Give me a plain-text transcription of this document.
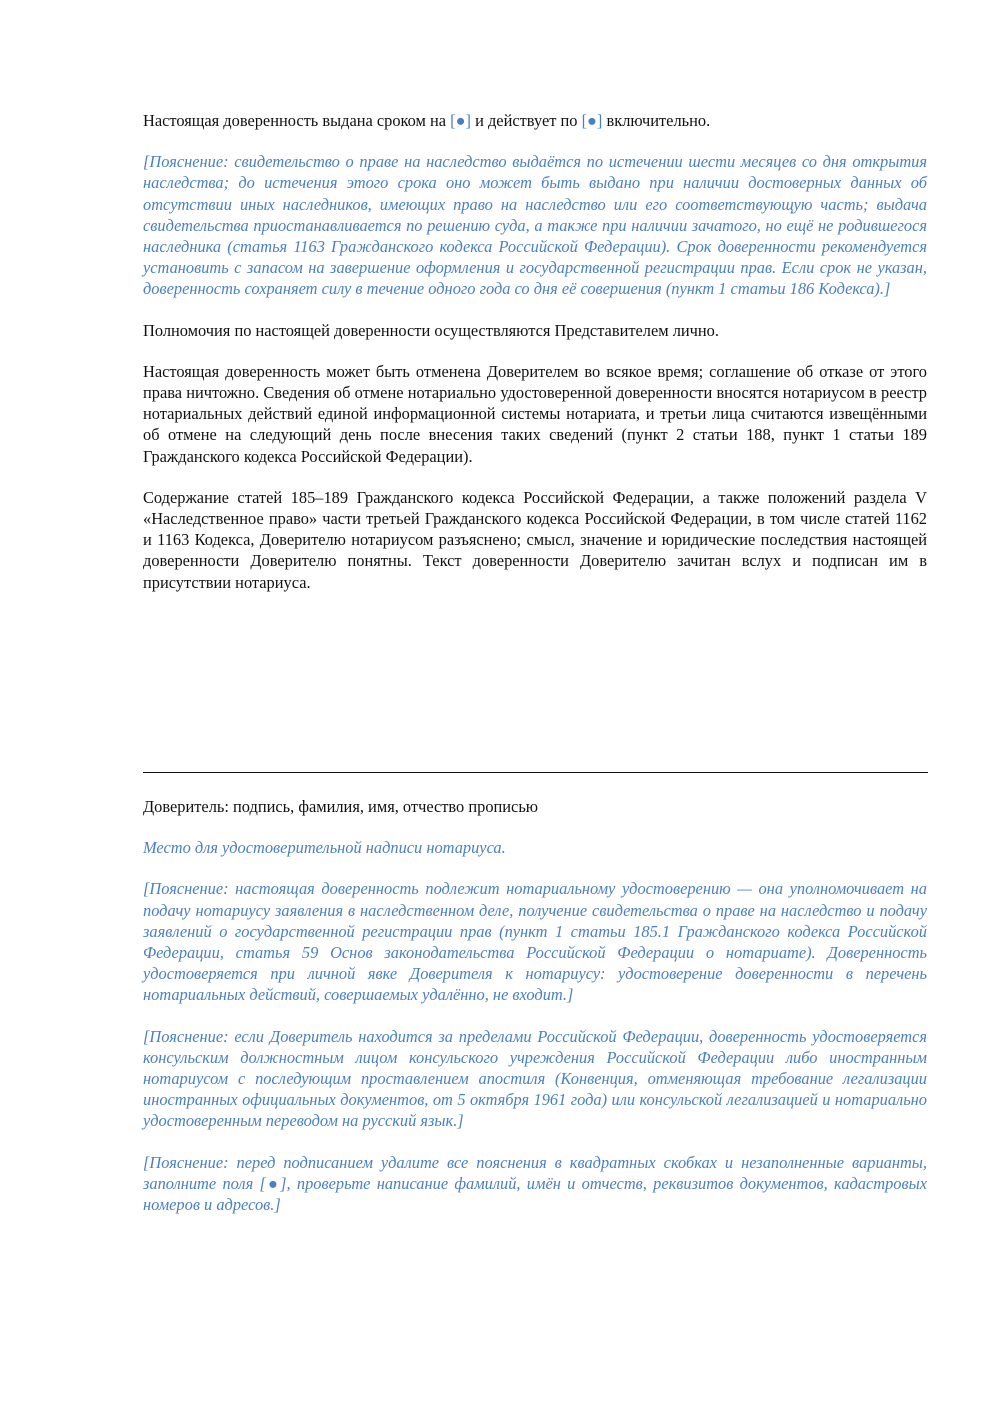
Настоящая доверенность выдана сроком на [●] и действует по [●] включительно.

[Пояснение: свидетельство о праве на наследство выдаётся по истечении шести месяцев со дня открытия наследства; до истечения этого срока оно может быть выдано при наличии достоверных данных об отсутствии иных наследников, имеющих право на наследство или его соответствующую часть; выдача свидетельства приостанавливается по решению суда, а также при наличии зачатого, но ещё не родившегося наследника (статья 1163 Гражданского кодекса Российской Федерации). Срок доверенности рекомендуется установить с запасом на завершение оформления и государственной регистрации прав. Если срок не указан, доверенность сохраняет силу в течение одного года со дня её совершения (пункт 1 статьи 186 Кодекса).]

Полномочия по настоящей доверенности осуществляются Представителем лично.

Настоящая доверенность может быть отменена Доверителем во всякое время; соглашение об отказе от этого права ничтожно. Сведения об отмене нотариально удостоверенной доверенности вносятся нотариусом в реестр нотариальных действий единой информационной системы нотариата, и третьи лица считаются извещёнными об отмене на следующий день после внесения таких сведений (пункт 2 статьи 188, пункт 1 статьи 189 Гражданского кодекса Российской Федерации).

Содержание статей 185–189 Гражданского кодекса Российской Федерации, а также положений раздела V «Наследственное право» части третьей Гражданского кодекса Российской Федерации, в том числе статей 1162 и 1163 Кодекса, Доверителю нотариусом разъяснено; смысл, значение и юридические последствия настоящей доверенности Доверителю понятны. Текст доверенности Доверителю зачитан вслух и подписан им в присутствии нотариуса.

Доверитель: подпись, фамилия, имя, отчество прописью

Место для удостоверительной надписи нотариуса.

[Пояснение: настоящая доверенность подлежит нотариальному удостоверению — она уполномочивает на подачу нотариусу заявления в наследственном деле, получение свидетельства о праве на наследство и подачу заявлений о государственной регистрации прав (пункт 1 статьи 185.1 Гражданского кодекса Российской Федерации, статья 59 Основ законодательства Российской Федерации о нотариате). Доверенность удостоверяется при личной явке Доверителя к нотариусу: удостоверение доверенности в перечень нотариальных действий, совершаемых удалённо, не входит.]

[Пояснение: если Доверитель находится за пределами Российской Федерации, доверенность удостоверяется консульским должностным лицом консульского учреждения Российской Федерации либо иностранным нотариусом с последующим проставлением апостиля (Конвенция, отменяющая требование легализации иностранных официальных документов, от 5 октября 1961 года) или консульской легализацией и нотариально удостоверенным переводом на русский язык.]

[Пояснение: перед подписанием удалите все пояснения в квадратных скобках и незаполненные варианты, заполните поля [●], проверьте написание фамилий, имён и отчеств, реквизитов документов, кадастровых номеров и адресов.]
